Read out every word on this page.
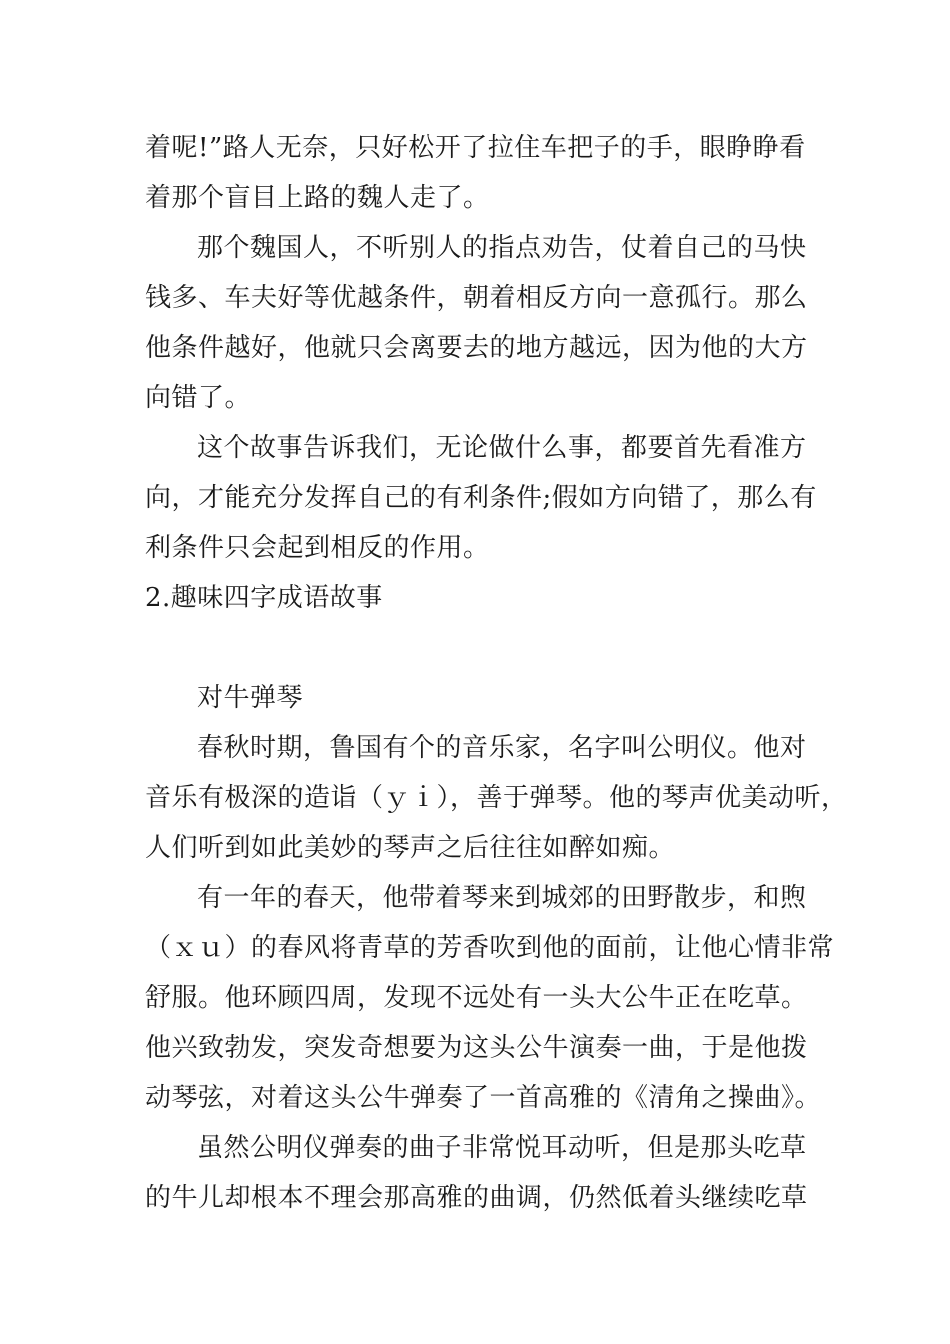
着呢!”路人无奈，只好松开了拉住车把子的手，眼睁睁看
着那个盲目上路的魏人走了。
那个魏国人，不听别人的指点劝告，仗着自己的马快
钱多、车夫好等优越条件，朝着相反方向一意孤行。那么
他条件越好，他就只会离要去的地方越远，因为他的大方
向错了。
这个故事告诉我们，无论做什么事，都要首先看准方
向，才能充分发挥自己的有利条件;假如方向错了，那么有
利条件只会起到相反的作用。
2.趣味四字成语故事
对牛弹琴
春秋时期，鲁国有个的音乐家，名字叫公明仪。他对
音乐有极深的造诣（ｙｉ），善于弹琴。他的琴声优美动听，
人们听到如此美妙的琴声之后往往如醉如痴。
有一年的春天，他带着琴来到城郊的田野散步，和煦
（ｘｕ）的春风将青草的芳香吹到他的面前，让他心情非常
舒服。他环顾四周，发现不远处有一头大公牛正在吃草。
他兴致勃发，突发奇想要为这头公牛演奏一曲，于是他拨
动琴弦，对着这头公牛弹奏了一首高雅的《清角之操曲》。
虽然公明仪弹奏的曲子非常悦耳动听，但是那头吃草
的牛儿却根本不理会那高雅的曲调，仍然低着头继续吃草
